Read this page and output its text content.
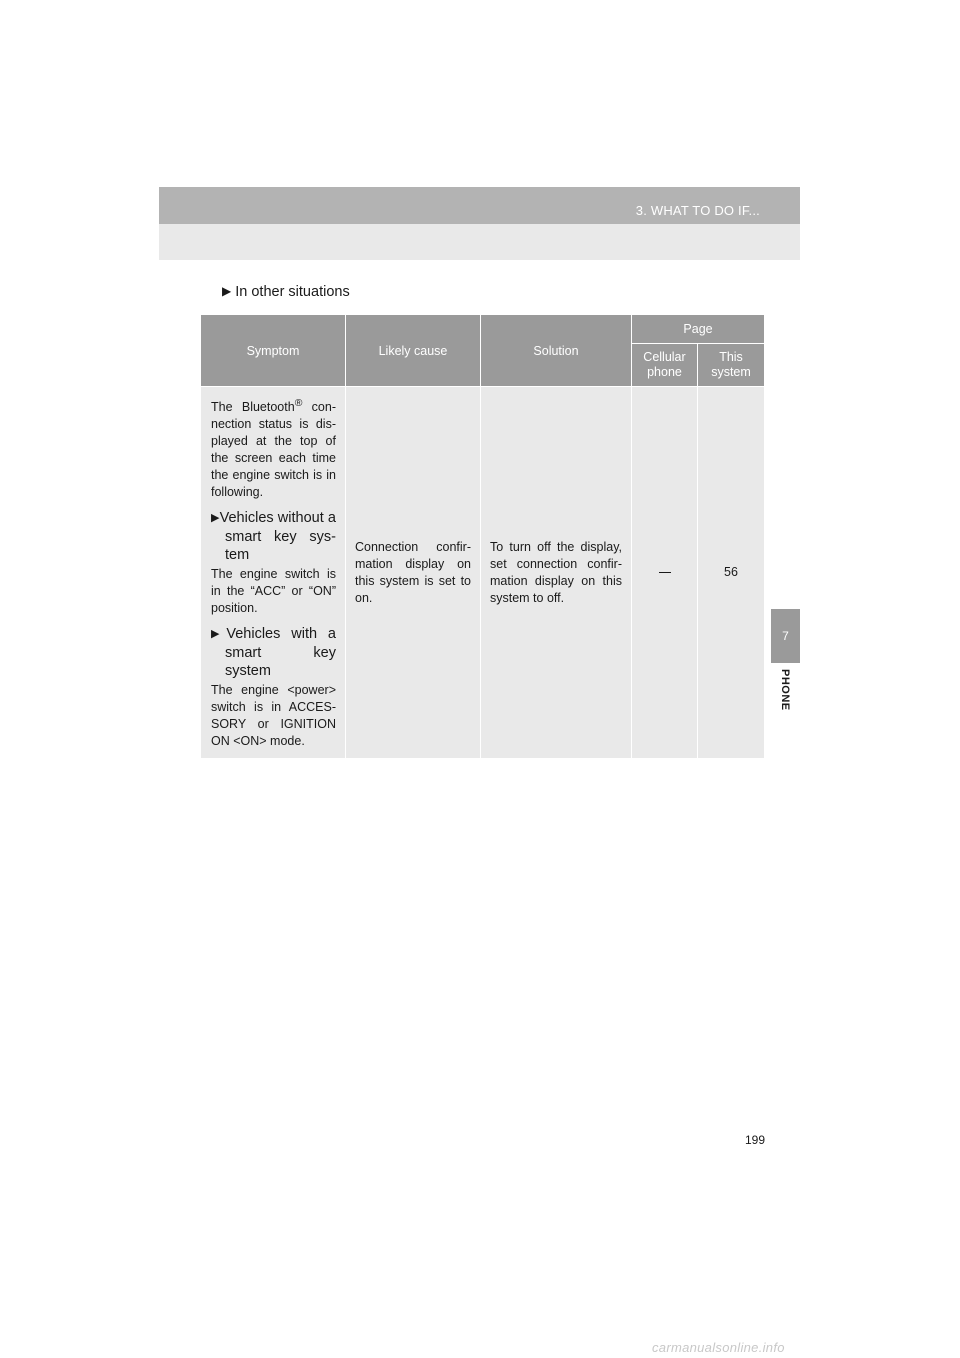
3. WHAT TO DO IF...
▶ In other situations
Symptom	Likely cause	Solution	Page	
			Cellular phone	This system

The Bluetooth® con-nection status is dis-played at the top of the screen each time the engine switch is in following.

▶Vehicles without a smart key sys-tem

The engine switch is in the “ACC” or “ON” position.

▶Vehicles with a smart key system

The engine <power> switch is in ACCES-SORY or IGNITION ON <ON> mode.	Connection confir-mation display on this system is set to on.	To turn off the display, set connection confir-mation display on this system to off.		56
7
PHONE
199
carmanualsonline.info
